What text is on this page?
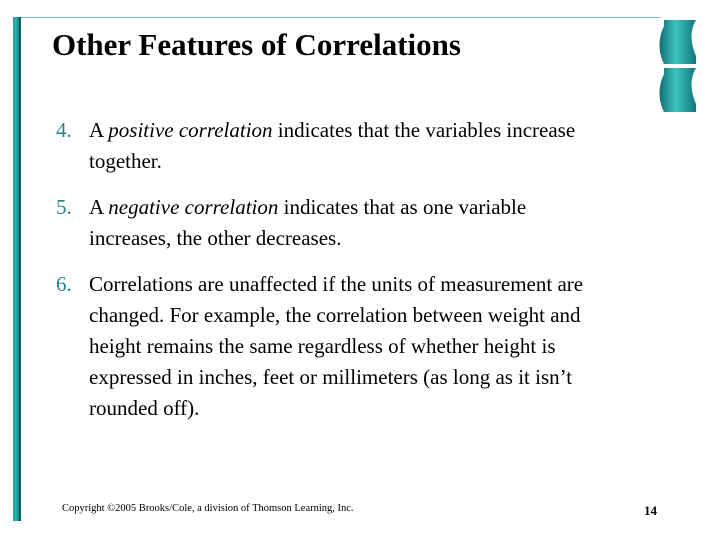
Other Features of Correlations
4. A positive correlation indicates that the variables increase together.
5. A negative correlation indicates that as one variable increases, the other decreases.
6. Correlations are unaffected if the units of measurement are changed. For example, the correlation between weight and height remains the same regardless of whether height is expressed in inches, feet or millimeters (as long as it isn’t rounded off).
Copyright ©2005 Brooks/Cole, a division of Thomson Learning, Inc.	14
